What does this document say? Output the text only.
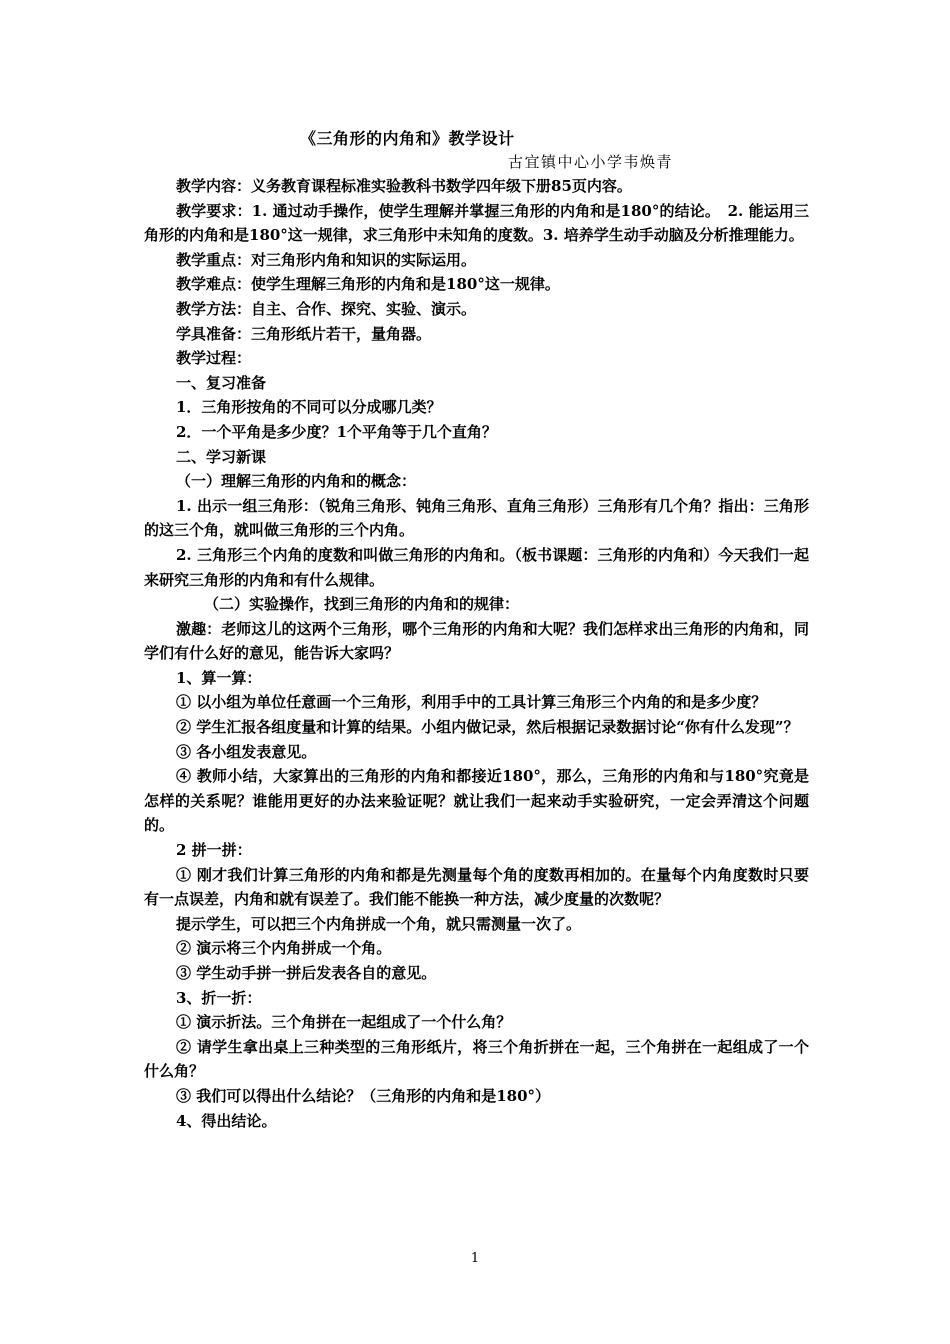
《三角形的内角和》教学设计
古宜镇中心小学韦焕青

教学内容：义务教育课程标准实验教科书数学四年级下册85页内容。

教学要求：1. 通过动手操作，使学生理解并掌握三角形的内角和是180°的结论。　2. 能运用三角形的内角和是180°这一规律，求三角形中未知角的度数。3. 培养学生动手动脑及分析推理能力。

教学重点：对三角形内角和知识的实际运用。

教学难点：使学生理解三角形的内角和是180°这一规律。

教学方法：自主、合作、探究、实验、演示。

学具准备：三角形纸片若干，量角器。

教学过程：

一、复习准备

1．三角形按角的不同可以分成哪几类？

2．一个平角是多少度？1个平角等于几个直角？

二、学习新课

（一）理解三角形的内角和的概念：

1. 出示一组三角形：（锐角三角形、钝角三角形、直角三角形）三角形有几个角？指出：三角形的这三个角，就叫做三角形的三个内角。

2. 三角形三个内角的度数和叫做三角形的内角和。（板书课题：三角形的内角和）今天我们一起来研究三角形的内角和有什么规律。

（二）实验操作，找到三角形的内角和的规律：

激趣：老师这儿的这两个三角形，哪个三角形的内角和大呢？我们怎样求出三角形的内角和，同学们有什么好的意见，能告诉大家吗？

1、算一算：

① 以小组为单位任意画一个三角形，利用手中的工具计算三角形三个内角的和是多少度？

② 学生汇报各组度量和计算的结果。小组内做记录，然后根据记录数据讨论“你有什么发现”？

③ 各小组发表意见。

④ 教师小结，大家算出的三角形的内角和都接近180°，那么，三角形的内角和与180°究竟是怎样的关系呢？谁能用更好的办法来验证呢？就让我们一起来动手实验研究，一定会弄清这个问题的。

2 拼一拼：

① 刚才我们计算三角形的内角和都是先测量每个角的度数再相加的。在量每个内角度数时只要有一点误差，内角和就有误差了。我们能不能换一种方法，减少度量的次数呢？

提示学生，可以把三个内角拼成一个角，就只需测量一次了。

② 演示将三个内角拼成一个角。

③ 学生动手拼一拼后发表各自的意见。

3、折一折：

① 演示折法。三个角拼在一起组成了一个什么角？

② 请学生拿出桌上三种类型的三角形纸片，将三个角折拼在一起，三个角拼在一起组成了一个什么角？

③ 我们可以得出什么结论？（三角形的内角和是180°）

4、得出结论。

1
